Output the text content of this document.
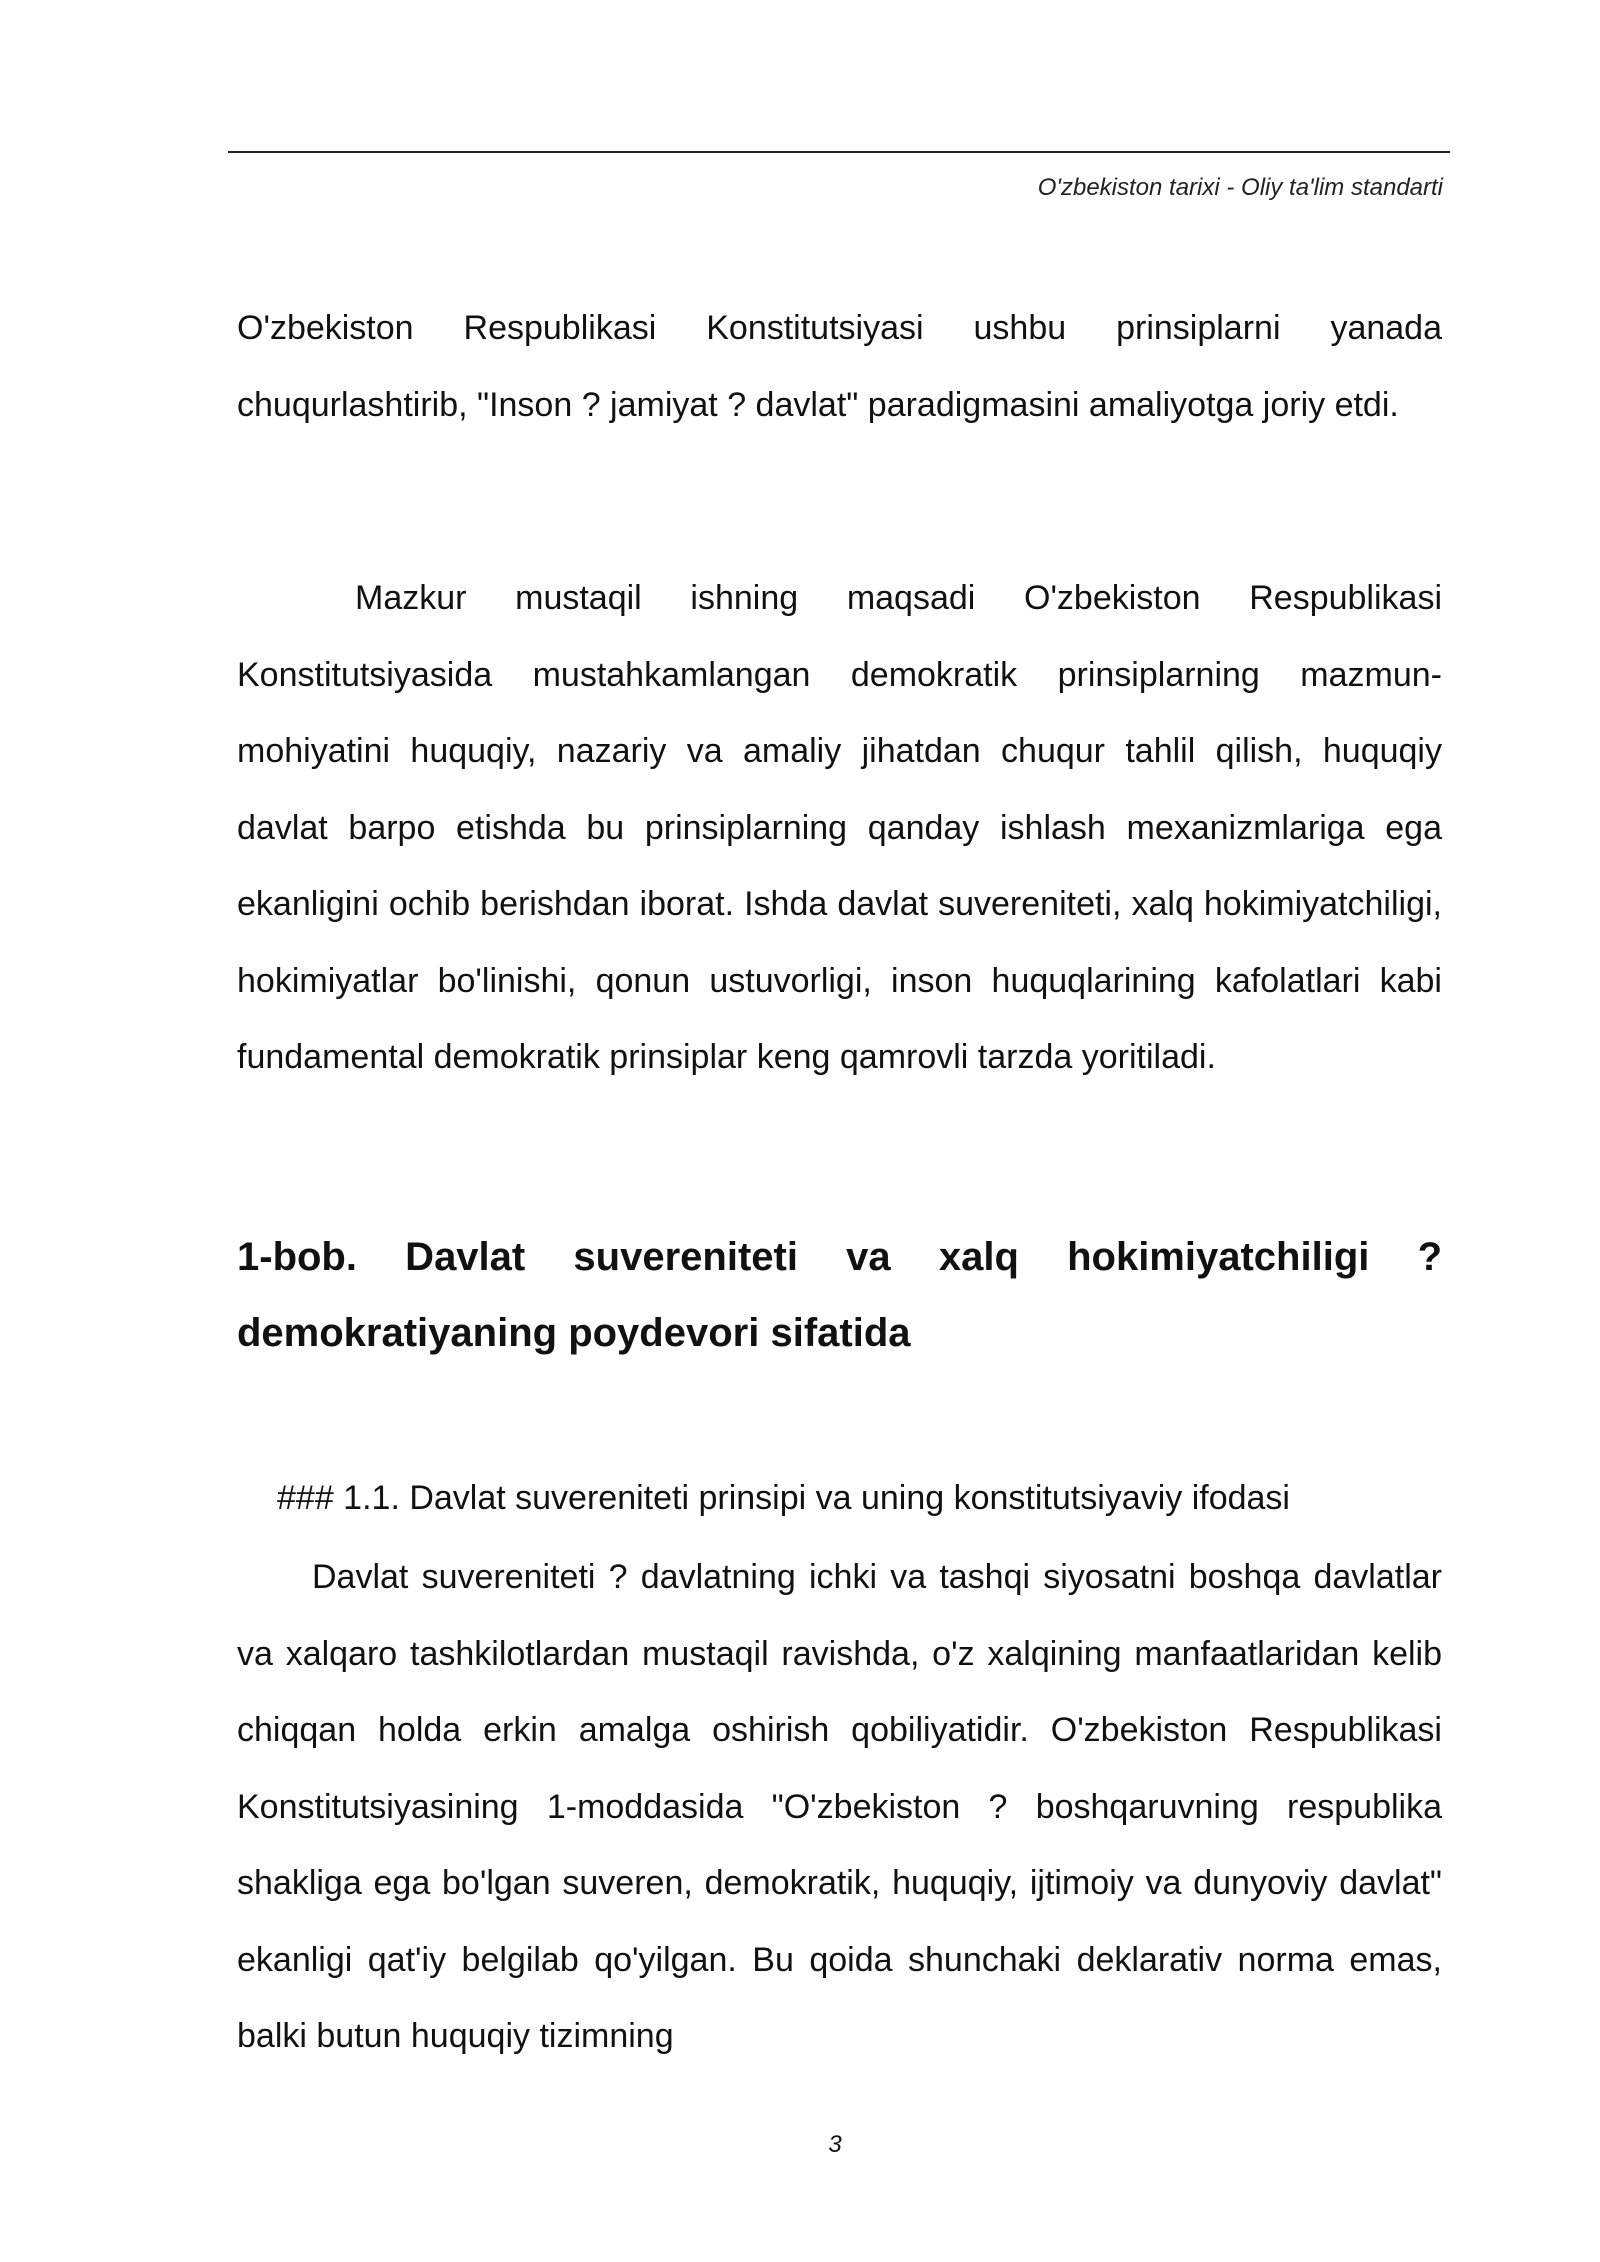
O'zbekiston tarixi - Oliy ta'lim standarti

O'zbekiston Respublikasi Konstitutsiyasi ushbu prinsiplarni yanada chuqurlashtirib, "Inson ? jamiyat ? davlat" paradigmasini amaliyotga joriy etdi.

Mazkur mustaqil ishning maqsadi O'zbekiston Respublikasi Konstitutsiyasida mustahkamlangan demokratik prinsiplarning mazmun-mohiyatini huquqiy, nazariy va amaliy jihatdan chuqur tahlil qilish, huquqiy davlat barpo etishda bu prinsiplarning qanday ishlash mexanizmlariga ega ekanligini ochib berishdan iborat. Ishda davlat suvereniteti, xalq hokimiyatchiligi, hokimiyatlar bo'linishi, qonun ustuvorligi, inson huquqlarining kafolatlari kabi fundamental demokratik prinsiplar keng qamrovli tarzda yoritiladi.

1-bob. Davlat suvereniteti va xalq hokimiyatchiligi ? demokratiyaning poydevori sifatida
### 1.1. Davlat suvereniteti prinsipi va uning konstitutsiyaviy ifodasi

Davlat suvereniteti ? davlatning ichki va tashqi siyosatni boshqa davlatlar va xalqaro tashkilotlardan mustaqil ravishda, o'z xalqining manfaatlaridan kelib chiqqan holda erkin amalga oshirish qobiliyatidir. O'zbekiston Respublikasi Konstitutsiyasining 1-moddasida "O'zbekiston ? boshqaruvning respublika shakliga ega bo'lgan suveren, demokratik, huquqiy, ijtimoiy va dunyoviy davlat" ekanligi qat'iy belgilab qo'yilgan. Bu qoida shunchaki deklarativ norma emas, balki butun huquqiy tizimning

3
